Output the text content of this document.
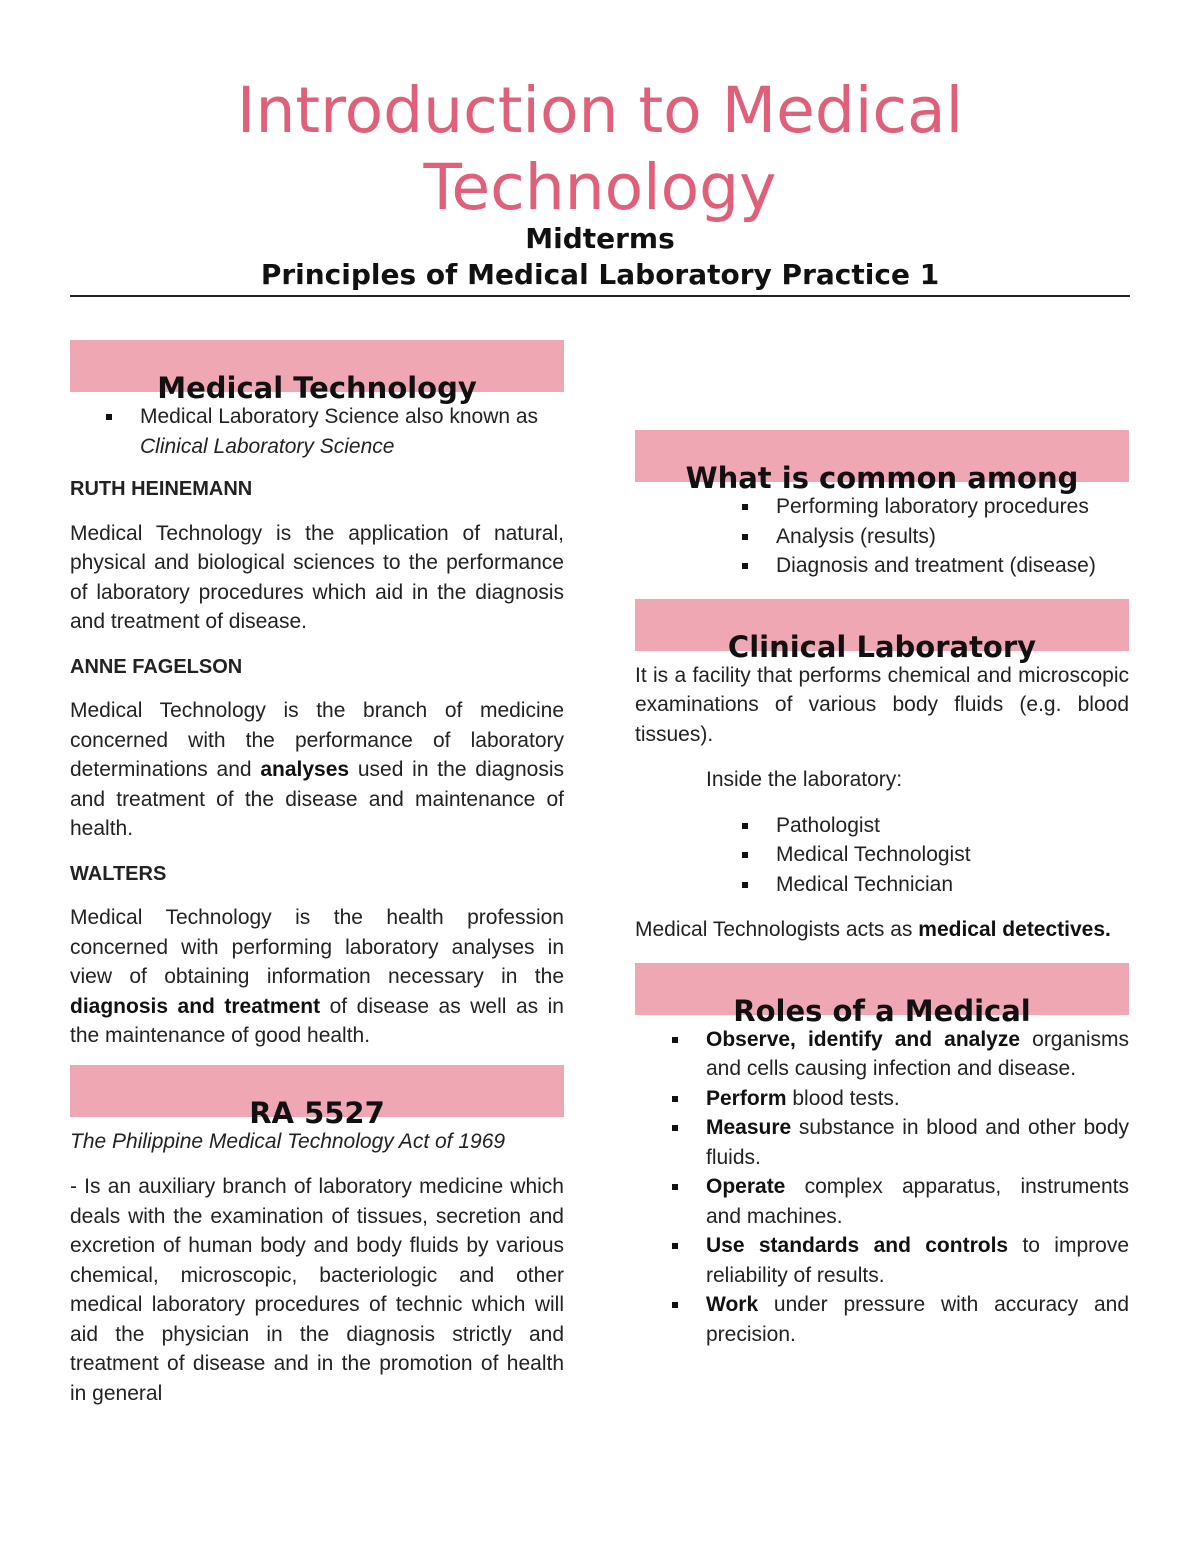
Introduction to Medical
Technology
Midterms
Principles of Medical Laboratory Practice 1
Medical Technology
Medical Laboratory Science also known as Clinical Laboratory Science

RUTH HEINEMANN

Medical Technology is the application of natural, physical and biological sciences to the performance of laboratory procedures which aid in the diagnosis and treatment of disease.

ANNE FAGELSON

Medical Technology is the branch of medicine concerned with the performance of laboratory determinations and analyses used in the diagnosis and treatment of the disease and maintenance of health.

WALTERS

Medical Technology is the health profession concerned with performing laboratory analyses in view of obtaining information necessary in the diagnosis and treatment of disease as well as in the maintenance of good health.

RA 5527

The Philippine Medical Technology Act of 1969

- Is an auxiliary branch of laboratory medicine which deals with the examination of tissues, secretion and excretion of human body and body fluids by various chemical, microscopic, bacteriologic and other medical laboratory procedures of technic which will aid the physician in the diagnosis strictly and treatment of disease and in the promotion of health in general

What is common among
Performing laboratory procedures
Analysis (results)
Diagnosis and treatment (disease)
Clinical Laboratory

It is a facility that performs chemical and microscopic examinations of various body fluids (e.g. blood tissues).

Inside the laboratory:

Pathologist
Medical Technologist
Medical Technician

Medical Technologists acts as medical detectives.

Roles of a Medical
Observe, identify and analyze organisms and cells causing infection and disease.
Perform blood tests.
Measure substance in blood and other body fluids.
Operate complex apparatus, instruments and machines.
Use standards and controls to improve reliability of results.
Work under pressure with accuracy and precision.
